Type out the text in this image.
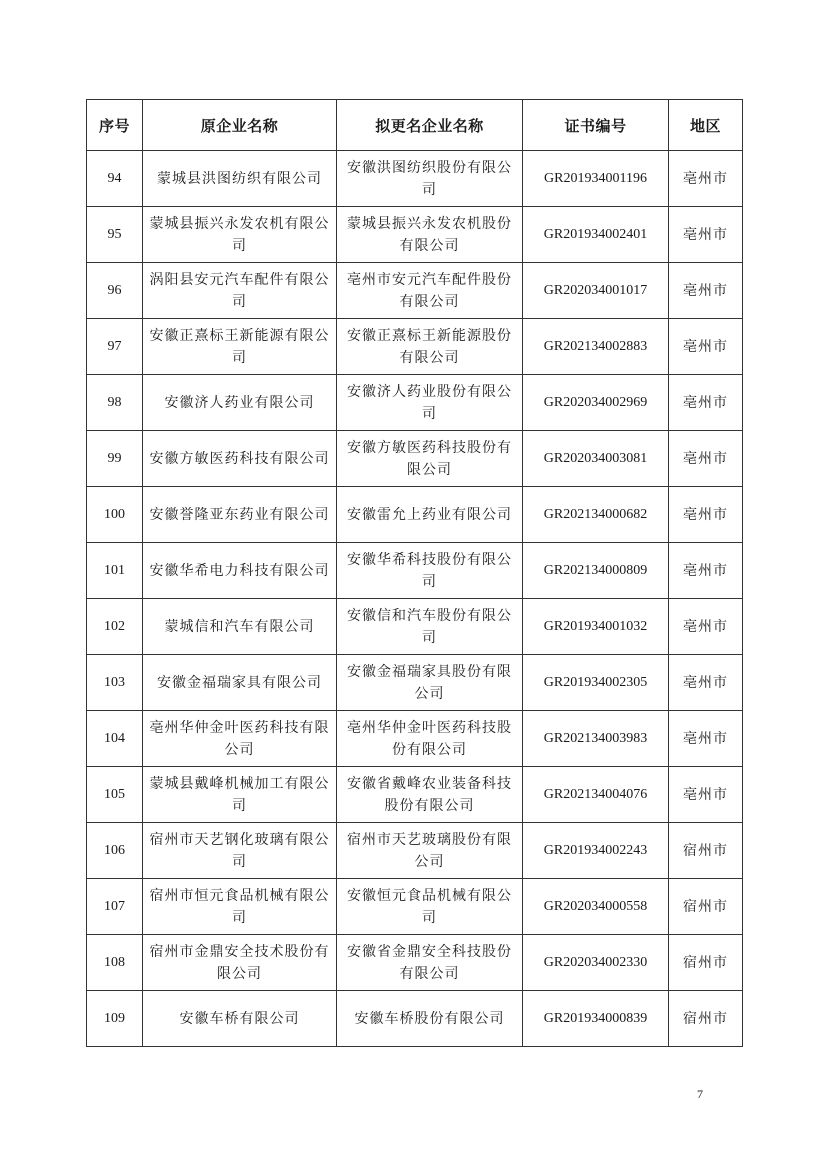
序号	原企业名称	拟更名企业名称	证书编号	地区
94	蒙城县洪图纺织有限公司	安徽洪图纺织股份有限公司	GR201934001196	亳州市
95	蒙城县振兴永发农机有限公司	蒙城县振兴永发农机股份有限公司	GR201934002401	亳州市
96	涡阳县安元汽车配件有限公司	亳州市安元汽车配件股份有限公司	GR202034001017	亳州市
97	安徽正熹标王新能源有限公司	安徽正熹标王新能源股份有限公司	GR202134002883	亳州市
98	安徽济人药业有限公司	安徽济人药业股份有限公司	GR202034002969	亳州市
99	安徽方敏医药科技有限公司	安徽方敏医药科技股份有限公司	GR202034003081	亳州市
100	安徽誉隆亚东药业有限公司	安徽雷允上药业有限公司	GR202134000682	亳州市
101	安徽华希电力科技有限公司	安徽华希科技股份有限公司	GR202134000809	亳州市
102	蒙城信和汽车有限公司	安徽信和汽车股份有限公司	GR201934001032	亳州市
103	安徽金福瑞家具有限公司	安徽金福瑞家具股份有限公司	GR201934002305	亳州市
104	亳州华仲金叶医药科技有限公司	亳州华仲金叶医药科技股份有限公司	GR202134003983	亳州市
105	蒙城县戴峰机械加工有限公司	安徽省戴峰农业装备科技股份有限公司	GR202134004076	亳州市
106	宿州市天艺钢化玻璃有限公司	宿州市天艺玻璃股份有限公司	GR201934002243	宿州市
107	宿州市恒元食品机械有限公司	安徽恒元食品机械有限公司	GR202034000558	宿州市
108	宿州市金鼎安全技术股份有限公司	安徽省金鼎安全科技股份有限公司	GR202034002330	宿州市
109	安徽车桥有限公司	安徽车桥股份有限公司	GR201934000839	宿州市
7
